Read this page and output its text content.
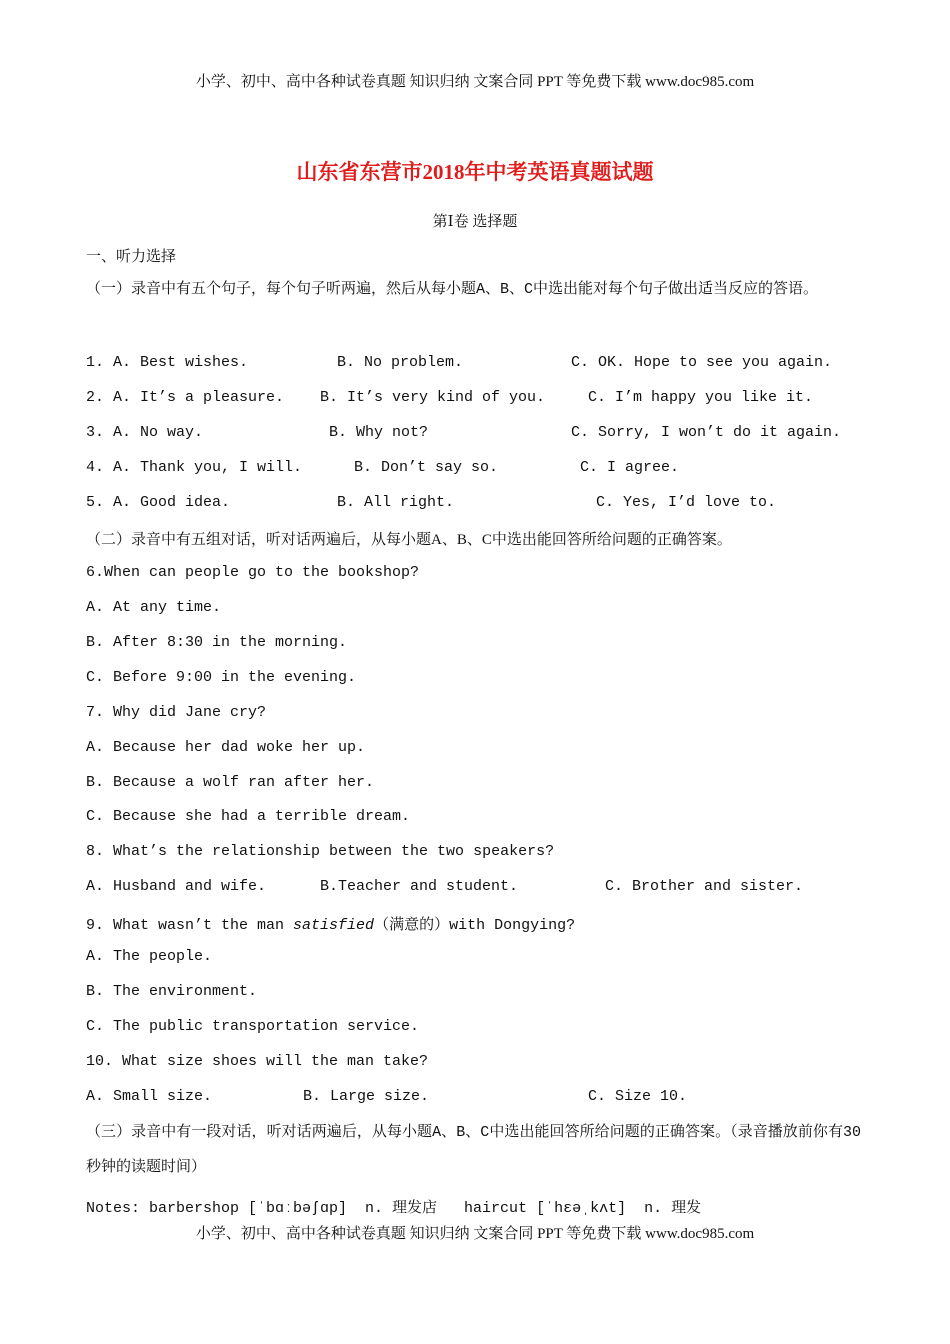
小学、初中、高中各种试卷真题 知识归纳 文案合同 PPT 等免费下载 www.doc985.com
山东省东营市2018年中考英语真题试题
第Ⅰ卷 选择题
一、听力选择
（一）录音中有五个句子，每个句子听两遍，然后从每小题A、B、C中选出能对每个句子做出适当反应的答语。
1. A. Best wishes.	B. No problem.	C. OK. Hope to see you again.
2. A. It’s a pleasure. B. It’s very kind of you.	C. I’m happy you like it.
3. A. No way.	B. Why not?	C. Sorry, I won’t do it again.
4. A. Thank you, I will.	B. Don’t say so.	C. I agree.
5. A. Good idea.	B. All right.	C. Yes, I’d love to.
（二）录音中有五组对话，听对话两遍后，从每小题A、B、C中选出能回答所给问题的正确答案。
6.When can people go to the bookshop?
A. At any time.
B. After 8:30 in the morning.
C. Before 9:00 in the evening.
7. Why did Jane cry?
A. Because her dad woke her up.
B. Because a wolf ran after her.
C. Because she had a terrible dream.
8. What’s the relationship between the two speakers?
A. Husband and wife.	B.Teacher and student.	C. Brother and sister.
9. What wasn’t the man satisfied（满意的）with Dongying?
A. The people.
B. The environment.
C. The public transportation service.
10. What size shoes will the man take?
A. Small size.	B. Large size.	C. Size 10.
（三）录音中有一段对话，听对话两遍后，从每小题A、B、C中选出能回答所给问题的正确答案。（录音播放前你有30秒钟的读题时间）
Notes: barbershop [ˈbɑːbəʃɑp]  n. 理发店   haircut [ˈhɛəˌkʌt]  n. 理发
小学、初中、高中各种试卷真题 知识归纳 文案合同 PPT 等免费下载 www.doc985.com
